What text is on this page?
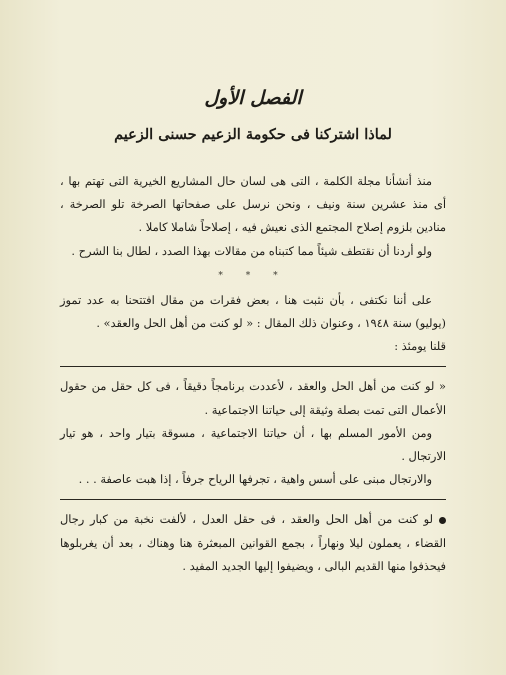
الفصل الأول
لماذا اشتركنا فى حكومة الزعيم حسنى الزعيم

منذ أنشأنا مجلة الكلمة ، التى هى لسان حال المشاريع الخيرية التى تهتم بها ، أى منذ عشرين سنة ونيف ، ونحن نرسل على صفحاتها الصرخة تلو الصرخة ، منادين بلزوم إصلاح المجتمع الذى نعيش فيه ، إصلاحاً شاملا كاملا .

ولو أردنا أن نقتطف شيئاً مما كتبناه من مقالات بهذا الصدد ، لطال بنا الشرح .

* * *

على أننا نكتفى ، بأن نثبت هنا ، بعض فقرات من مقال افتتحنا به عدد تموز (يوليو) سنة ١٩٤٨ ، وعنوان ذلك المقال : « لو كنت من أهل الحل والعقد» .

قلنا يومئذ :

« لو كنت من أهل الحل والعقد ، لأعددت برنامجاً دقيقاً ، فى كل حقل من حقول الأعمال التى تمت بصلة وثيقة إلى حياتنا الاجتماعية .

ومن الأمور المسلم بها ، أن حياتنا الاجتماعية ، مسوقة بتيار واحد ، هو تيار الارتجال .

والارتجال مبنى على أسس واهية ، تجرفها الرياح جرفاً ، إذا هبت عاصفة . . .

لو كنت من أهل الحل والعقد ، فى حقل العدل ، لألفت نخبة من كبار رجال القضاء ، يعملون ليلا ونهاراً ، بجمع القوانين المبعثرة هنا وهناك ، بعد أن يغربلوها فيحذفوا منها القديم البالى ، ويضيفوا إليها الجديد المفيد .
